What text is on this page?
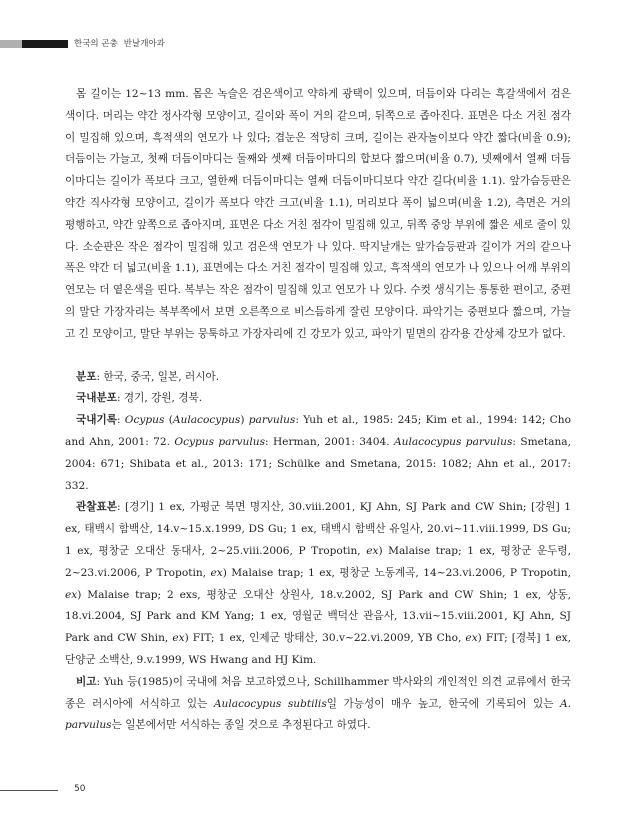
한국의 곤충 반날개아과

몸 길이는 12~13 mm. 몸은 녹슬은 검은색이고 약하게 광택이 있으며, 더듬이와 다리는 흑갈색에서 검은색이다. 머리는 약간 정사각형 모양이고, 길이와 폭이 거의 같으며, 뒤쪽으로 좁아진다. 표면은 다소 거친 점각이 밀집해 있으며, 흑적색의 연모가 나 있다; 겹눈은 적당히 크며, 길이는 관자놀이보다 약간 짧다(비율 0.9); 더듬이는 가늘고, 첫째 더듬이마디는 둘째와 셋째 더듬이마디의 합보다 짧으며(비율 0.7), 넷째에서 열째 더듬이마디는 길이가 폭보다 크고, 열한째 더듬이마디는 열째 더듬이마디보다 약간 길다(비율 1.1). 앞가슴등판은 약간 직사각형 모양이고, 길이가 폭보다 약간 크고(비율 1.1), 머리보다 폭이 넓으며(비율 1.2), 측면은 거의 평행하고, 약간 앞쪽으로 좁아지며, 표면은 다소 거친 점각이 밀집해 있고, 뒤쪽 중앙 부위에 짧은 세로 줄이 있다. 소순판은 작은 점각이 밀집해 있고 검은색 연모가 나 있다. 딱지날개는 앞가슴등판과 길이가 거의 같으나 폭은 약간 더 넓고(비율 1.1), 표면에는 다소 거친 점각이 밀집해 있고, 흑적색의 연모가 나 있으나 어깨 부위의 연모는 더 옅은색을 띤다. 복부는 작은 점각이 밀집해 있고 연모가 나 있다. 수컷 생식기는 통통한 편이고, 중편의 말단 가장자리는 복부쪽에서 보면 오른쪽으로 비스듬하게 잘린 모양이다. 파악기는 중편보다 짧으며, 가늘고 긴 모양이고, 말단 부위는 뭉툭하고 가장자리에 긴 강모가 있고, 파악기 밑면의 감각용 간상체 강모가 없다.

분포: 한국, 중국, 일본, 러시아.

국내분포: 경기, 강원, 경북.

국내기록: Ocypus (Aulacocypus) parvulus: Yuh et al., 1985: 245; Kim et al., 1994: 142; Cho and Ahn, 2001: 72. Ocypus parvulus: Herman, 2001: 3404. Aulacocypus parvulus: Smetana, 2004: 671; Shibata et al., 2013: 171; Schülke and Smetana, 2015: 1082; Ahn et al., 2017: 332.

관찰표본: [경기] 1 ex, 가평군 북면 명지산, 30.viii.2001, KJ Ahn, SJ Park and CW Shin; [강원] 1 ex, 태백시 함백산, 14.v~15.x.1999, DS Gu; 1 ex, 태백시 함백산 유일사, 20.vi~11.viii.1999, DS Gu; 1 ex, 평창군 오대산 동대사, 2~25.viii.2006, P Tropotin, ex) Malaise trap; 1 ex, 평창군 운두령, 2~23.vi.2006, P Tropotin, ex) Malaise trap; 1 ex, 평창군 노동계곡, 14~23.vi.2006, P Tropotin, ex) Malaise trap; 2 exs, 평창군 오대산 상원사, 18.v.2002, SJ Park and CW Shin; 1 ex, 상동, 18.vi.2004, SJ Park and KM Yang; 1 ex, 영월군 백덕산 관음사, 13.vii~15.viii.2001, KJ Ahn, SJ Park and CW Shin, ex) FIT; 1 ex, 인제군 방태산, 30.v~22.vi.2009, YB Cho, ex) FIT; [경북] 1 ex, 단양군 소백산, 9.v.1999, WS Hwang and HJ Kim.

비고: Yuh 등(1985)이 국내에 처음 보고하였으나, Schillhammer 박사와의 개인적인 의견 교류에서 한국종은 러시아에 서식하고 있는 Aulacocypus subtilis일 가능성이 매우 높고, 한국에 기록되어 있는 A. parvulus는 일본에서만 서식하는 종일 것으로 추정된다고 하였다.

50
